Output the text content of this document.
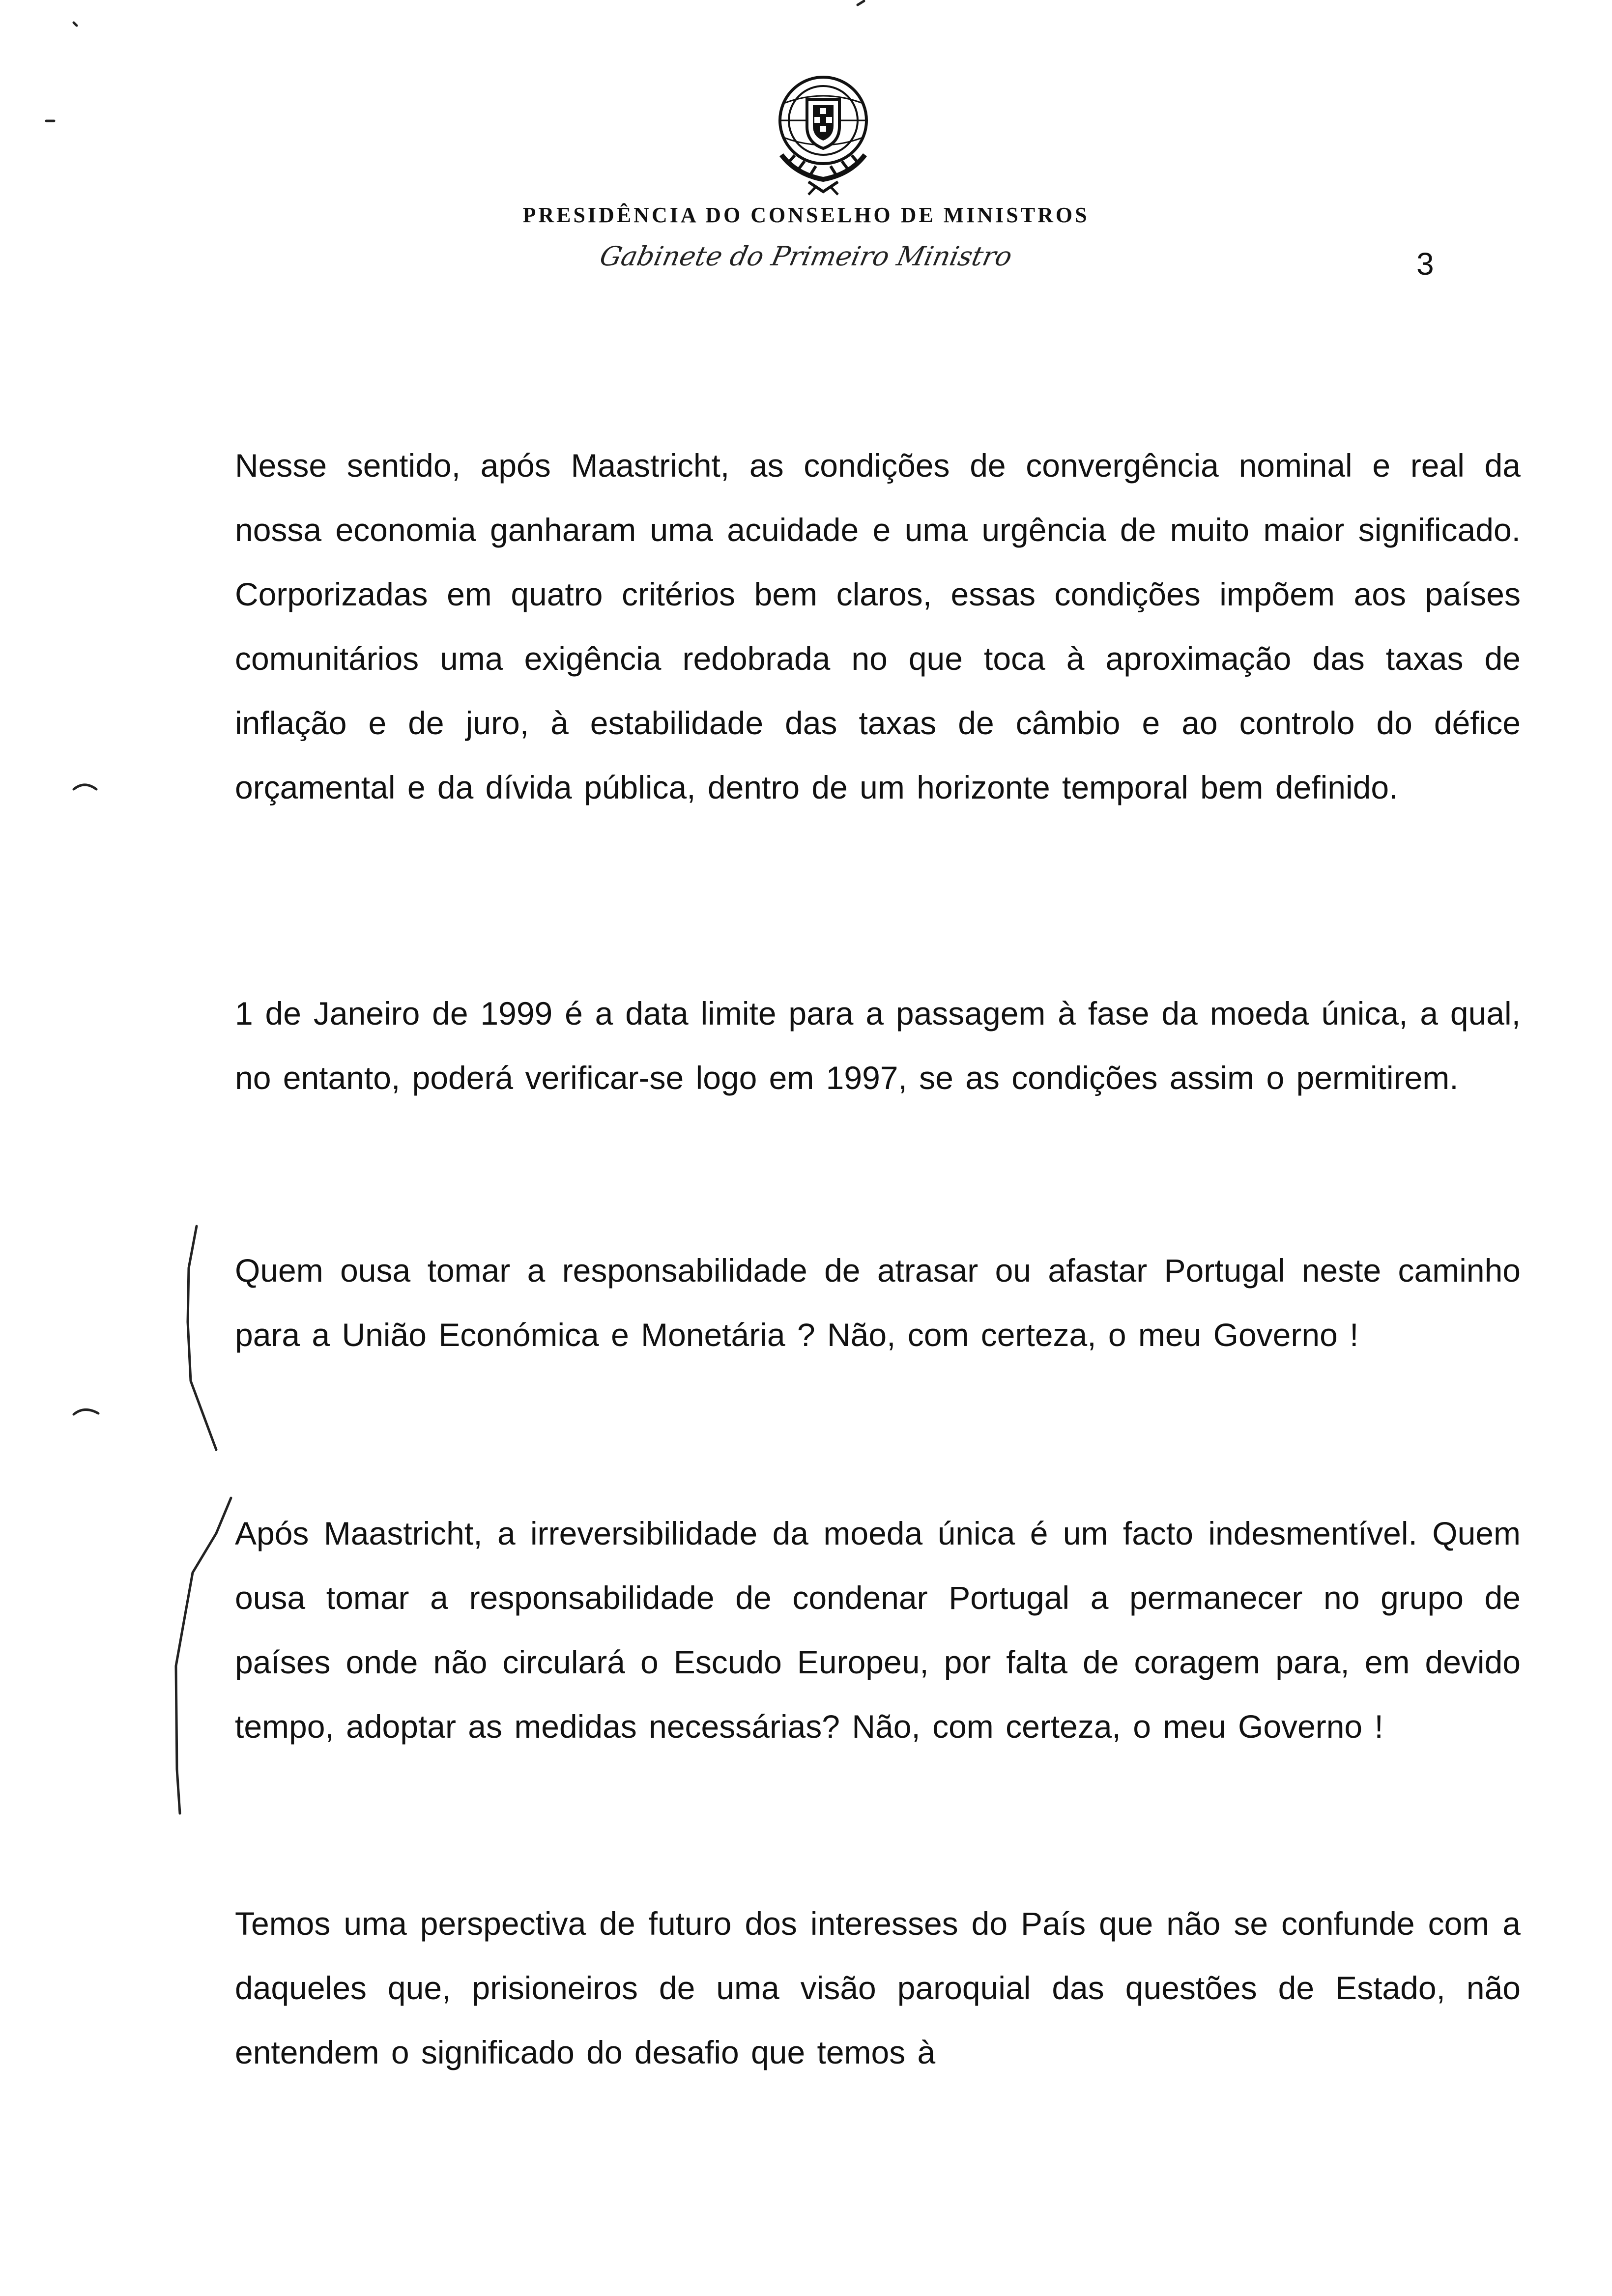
PRESIDÊNCIA DO CONSELHO DE MINISTROS
Gabinete do Primeiro Ministro	3

Nesse sentido, após Maastricht, as condições de convergência nominal e real da nossa economia ganharam uma acuidade e uma urgência de muito maior significado. Corporizadas em quatro critérios bem claros, essas condições impõem aos países comunitários uma exigência redobrada no que toca à aproximação das taxas de inflação e de juro, à estabilidade das taxas de câmbio e ao controlo do défice orçamental e da dívida pública, dentro de um horizonte temporal bem definido.

1 de Janeiro de 1999 é a data limite para a passagem à fase da moeda única, a qual, no entanto, poderá verificar-se logo em 1997, se as condições assim o permitirem.

Quem ousa tomar a responsabilidade de atrasar ou afastar Portugal neste caminho para a União Económica e Monetária ? Não, com certeza, o meu Governo !

Após Maastricht, a irreversibilidade da moeda única é um facto indesmentível. Quem ousa tomar a responsabilidade de condenar Portugal a permanecer no grupo de países onde não circulará o Escudo Europeu, por falta de coragem para, em devido tempo, adoptar as medidas necessárias? Não, com certeza, o meu Governo !

Temos uma perspectiva de futuro dos interesses do País que não se confunde com a daqueles que, prisioneiros de uma visão paroquial das questões de Estado, não entendem o significado do desafio que temos à
